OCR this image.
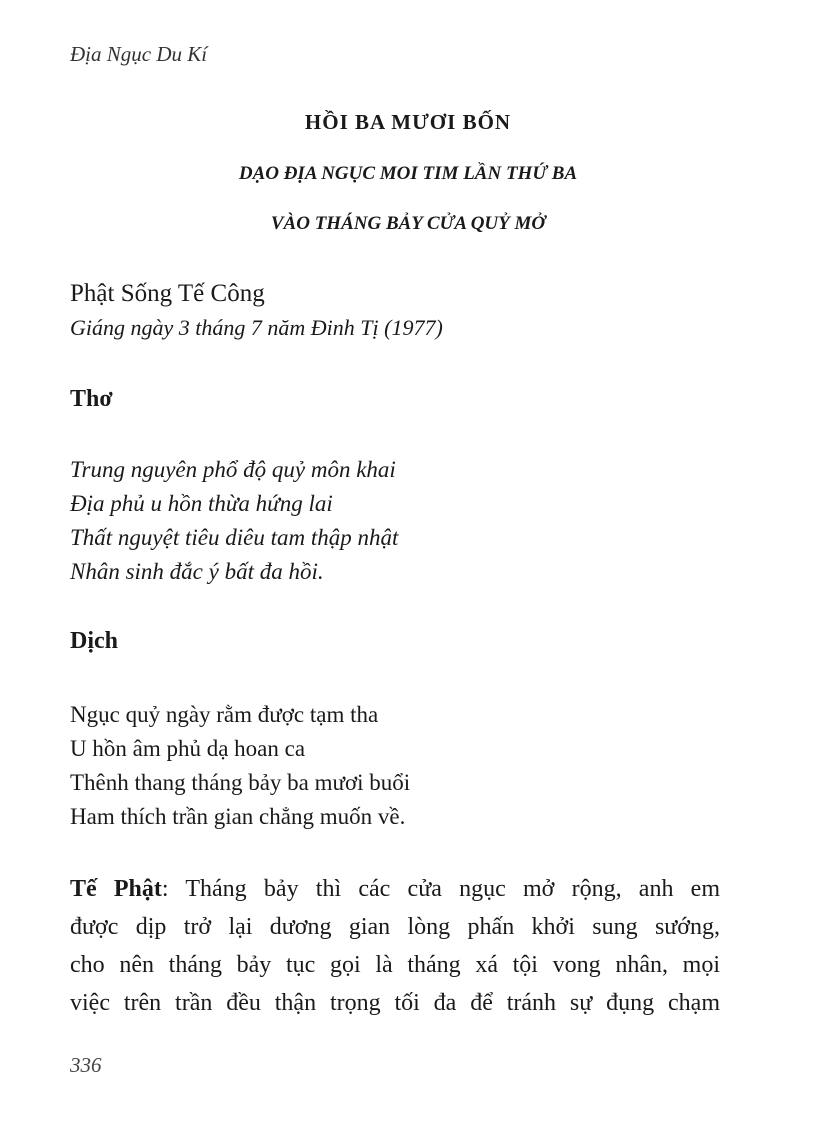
Địa Ngục Du Kí
HỒI BA MƯƠI BỐN
DẠO ĐỊA NGỤC MOI TIM LẦN THỨ BA
VÀO THÁNG BẢY CỬA QUỶ MỞ
Phật Sống Tế Công
Giáng ngày 3 tháng 7 năm Đinh Tị (1977)
Thơ
Trung nguyên phổ độ quỷ môn khai
Địa phủ u hồn thừa hứng lai
Thất nguyệt tiêu diêu tam thập nhật
Nhân sinh đắc ý bất đa hồi.
Dịch
Ngục quỷ ngày rằm được tạm tha
U hồn âm phủ dạ hoan ca
Thênh thang tháng bảy ba mươi buổi
Ham thích trần gian chẳng muốn về.
Tế Phật: Tháng bảy thì các cửa ngục mở rộng, anh em
được dịp trở lại dương gian lòng phấn khởi sung sướng,
cho nên tháng bảy tục gọi là tháng xá tội vong nhân, mọi
việc trên trần đều thận trọng tối đa để tránh sự đụng chạm
336
